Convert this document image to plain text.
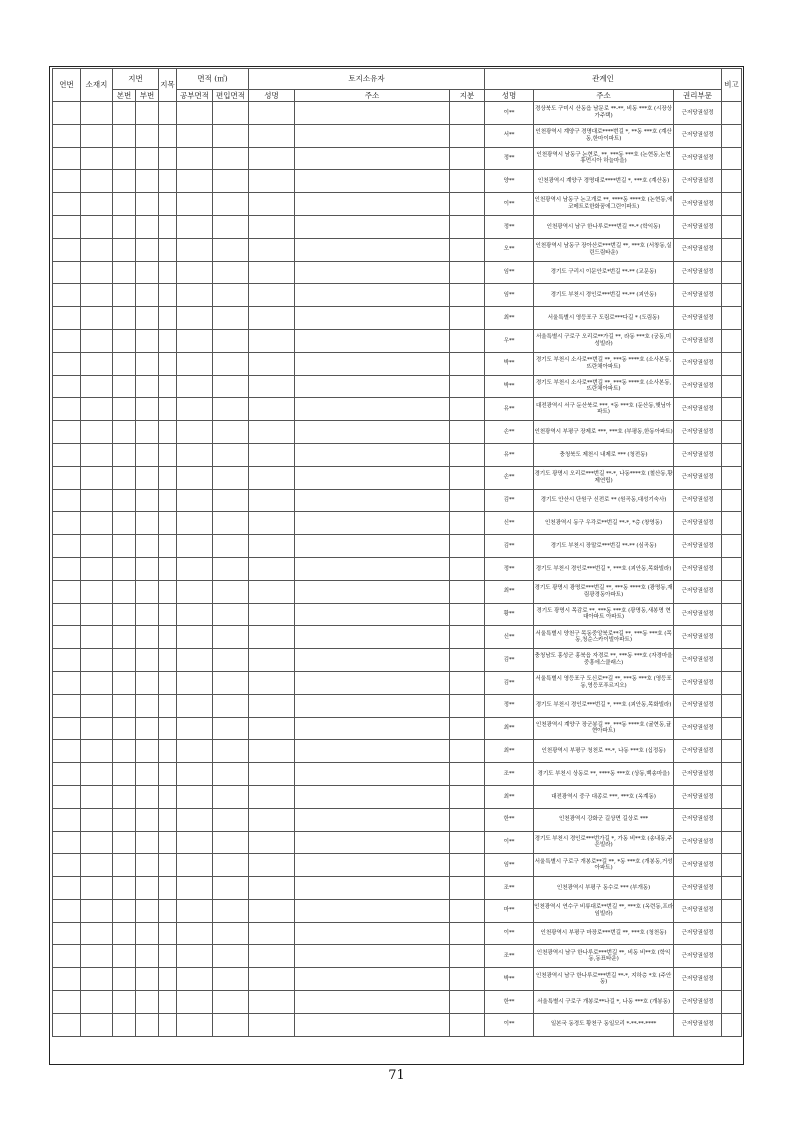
연번	소재지	지번		지목	면적 (㎡)		토지소유자			관계인			비고
		본번	부번		공부면적	편입면적	성명	주소	지분	성명	주소	권리부문	
										이**	경상북도 구미시 산동읍 남문로 **-**, 비동 ***호 (시장상가주택)	근저당권설정	
										서**	인천광역시 계양구 경명대로****번길 *, **동 ***호 (계산동,한마이파트)	근저당권설정	
										정**	인천광역시 남동구 논현로, **, ***동 ***호 (논현동,논현휴먼시아 하늘마을)	근저당권설정	
										양**	인천광역시 계양구 경명대로****번길 *, ***호 (계산동)	근저당권설정	
										이**	인천광역시 남동구 논고개로 **, ****동 ****호 (논현동,에코메트로한화꿈에그린이파트)	근저당권설정	
										정**	인천광역시 남구 한나루로***번길 **-* (학익동)	근저당권설정	
										오**	인천광역시 남동구 장아산로***번길 **, ***호 (서창동,실린드림타운)	근저당권설정	
										임**	경기도 구리시 이문안로*번길 **-** (교문동)	근저당권설정	
										임**	경기도 부천시 경인로***번길 **-** (괴안동)	근저당권설정	
										최**	서울특별시 영등포구 도림로***다길 * (도림동)	근저당권설정	
										우**	서울특별시 구로구 오리로**가길 **, 라동 ***호 (궁동,미성빌라)	근저당권설정	
										박**	경기도 부천시 소사로**번길 **, ***동 ****호 (소사본동,뜨란채아파트)	근저당권설정	
										박**	경기도 부천시 소사로**번길 **, ***동 ****호 (소사본동,뜨란채아파트)	근저당권설정	
										유**	대전광역시 서구 둔산북로 ***, *동 ***호 (둔산동,햇님아파트)	근저당권설정	
										손**	인천광역시 부평구 장제로 ***, ***호 (부평동,한동아파트)	근저당권설정	
										유**	충청북도 제천시 내제로 *** (청전동)	근저당권설정	
										손**	경기도 광명시 오리로***번길 **-*, 나동****호 (철산동,황제연립)	근저당권설정	
										김**	경기도 안산시 단원구 신전로 ** (원곡동,대성기숙사)	근저당권설정	
										신**	인천광역시 동구 우각로**번길 **-*, *층 (창영동)	근저당권설정	
										김**	경기도 부천시 장말로***번길 **-** (심곡동)	근저당권설정	
										정**	경기도 부천시 경인로***번길 *, ***호 (괴안동,목화빌라)	근저당권설정	
										최**	경기도 광명시 광명로***번길 **, ***동 ****호 (광명동,재림광경동아파트)	근저당권설정	
										황**	경기도 광명시 목감로 **, ***동 ***호 (광명동,새봉명 현대아파트 아파트)	근저당권설정	
										신**	서울특별시 양천구 목동중앙북로**길 **, ***동 ***호 (목동,청순스카이빌아파트)	근저당권설정	
										김**	충청남도 홍성군 홍북읍 자경로 **, ***동 ***호 (자경마을중흥에스클래스)	근저당권설정	
										김**	서울특별시 영등포구 도신로**길 **, ***동 ***호 (영등포동,영등포푸르지오)	근저당권설정	
										정**	경기도 부천시 경인로***번길 *, ***호 (괴안동,목화빌라)	근저당권설정	
										최**	인천광역시 계양구 장군봉길 **, ***동 ****호 (귤현동,귤현아파트)	근저당권설정	
										최**	인천광역시 부평구 청천로 **-*, 나동 ***호 (십정동)	근저당권설정	
										조**	경기도 부천시 상동로 **, ****동 ***호 (상동,백송마을)	근저당권설정	
										최**	대전광역시 중구 대종로 ***, ***호 (옥계동)	근저당권설정	
										한**	인천광역시 강화군 길상면 길상로 ***	근저당권설정	
										이**	경기도 부천시 경인로***번가길 *, 가동 비**호 (송내동,주은빌라)	근저당권설정	
										임**	서울특별시 구로구 개봉로**길 **, *동 ***호 (개봉동,거성아파트)	근저당권설정	
										조**	인천광역시 부평구 동수로 *** (부개동)	근저당권설정	
										마**	인천광역시 연수구 비류대로**번길 **, ***호 (옥련동,프라임빌라)	근저당권설정	
										이**	인천광역시 부평구 마장로***번길 **, ***호 (청천동)	근저당권설정	
										조**	인천광역시 남구 한나루로***번길 **, 비동 비**호 (학익동,동표타운)	근저당권설정	
										박**	인천광역시 남구 한나루로***번길 **-*, 지하층 *호 (주안동)	근저당권설정	
										한**	서울특별시 구로구 개봉로**나길 *, 나동 ***호 (개봉동)	근저당권설정	
										이**	일본국 동경도 황천구 동일모리 *-**-**-****	근저당권설정	
71
